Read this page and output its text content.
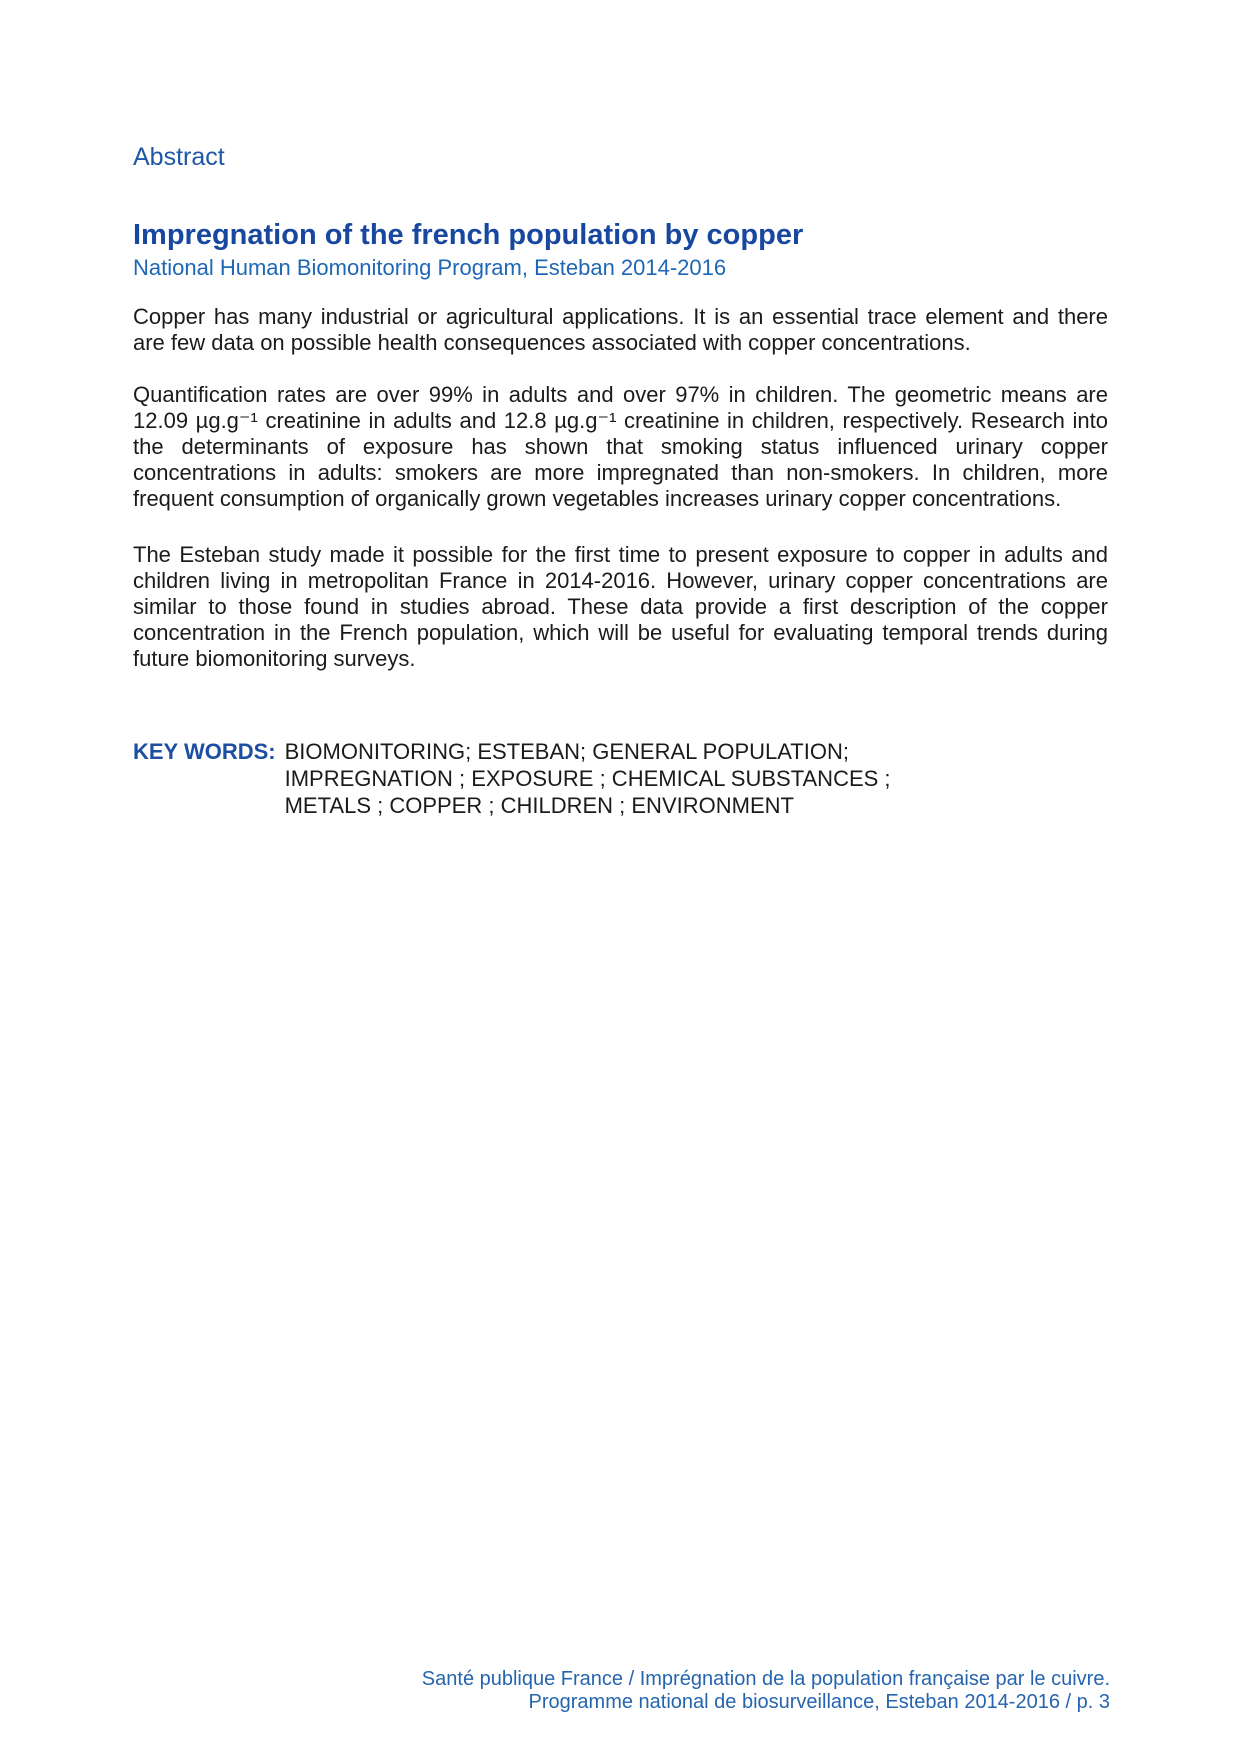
Abstract
Impregnation of the french population by copper
National Human Biomonitoring Program, Esteban 2014-2016

Copper has many industrial or agricultural applications. It is an essential trace element and there are few data on possible health consequences associated with copper concentrations.

Quantification rates are over 99% in adults and over 97% in children. The geometric means are 12.09 µg.g⁻¹ creatinine in adults and 12.8 µg.g⁻¹ creatinine in children, respectively. Research into the determinants of exposure has shown that smoking status influenced urinary copper concentrations in adults: smokers are more impregnated than non-smokers. In children, more frequent consumption of organically grown vegetables increases urinary copper concentrations.

The Esteban study made it possible for the first time to present exposure to copper in adults and children living in metropolitan France in 2014-2016. However, urinary copper concentrations are similar to those found in studies abroad. These data provide a first description of the copper concentration in the French population, which will be useful for evaluating temporal trends during future biomonitoring surveys.

KEY WORDS: BIOMONITORING; ESTEBAN; GENERAL POPULATION;
IMPREGNATION ; EXPOSURE ; CHEMICAL SUBSTANCES ;
METALS ; COPPER ; CHILDREN ; ENVIRONMENT
Santé publique France / Imprégnation de la population française par le cuivre.
Programme national de biosurveillance, Esteban 2014-2016 / p. 3
